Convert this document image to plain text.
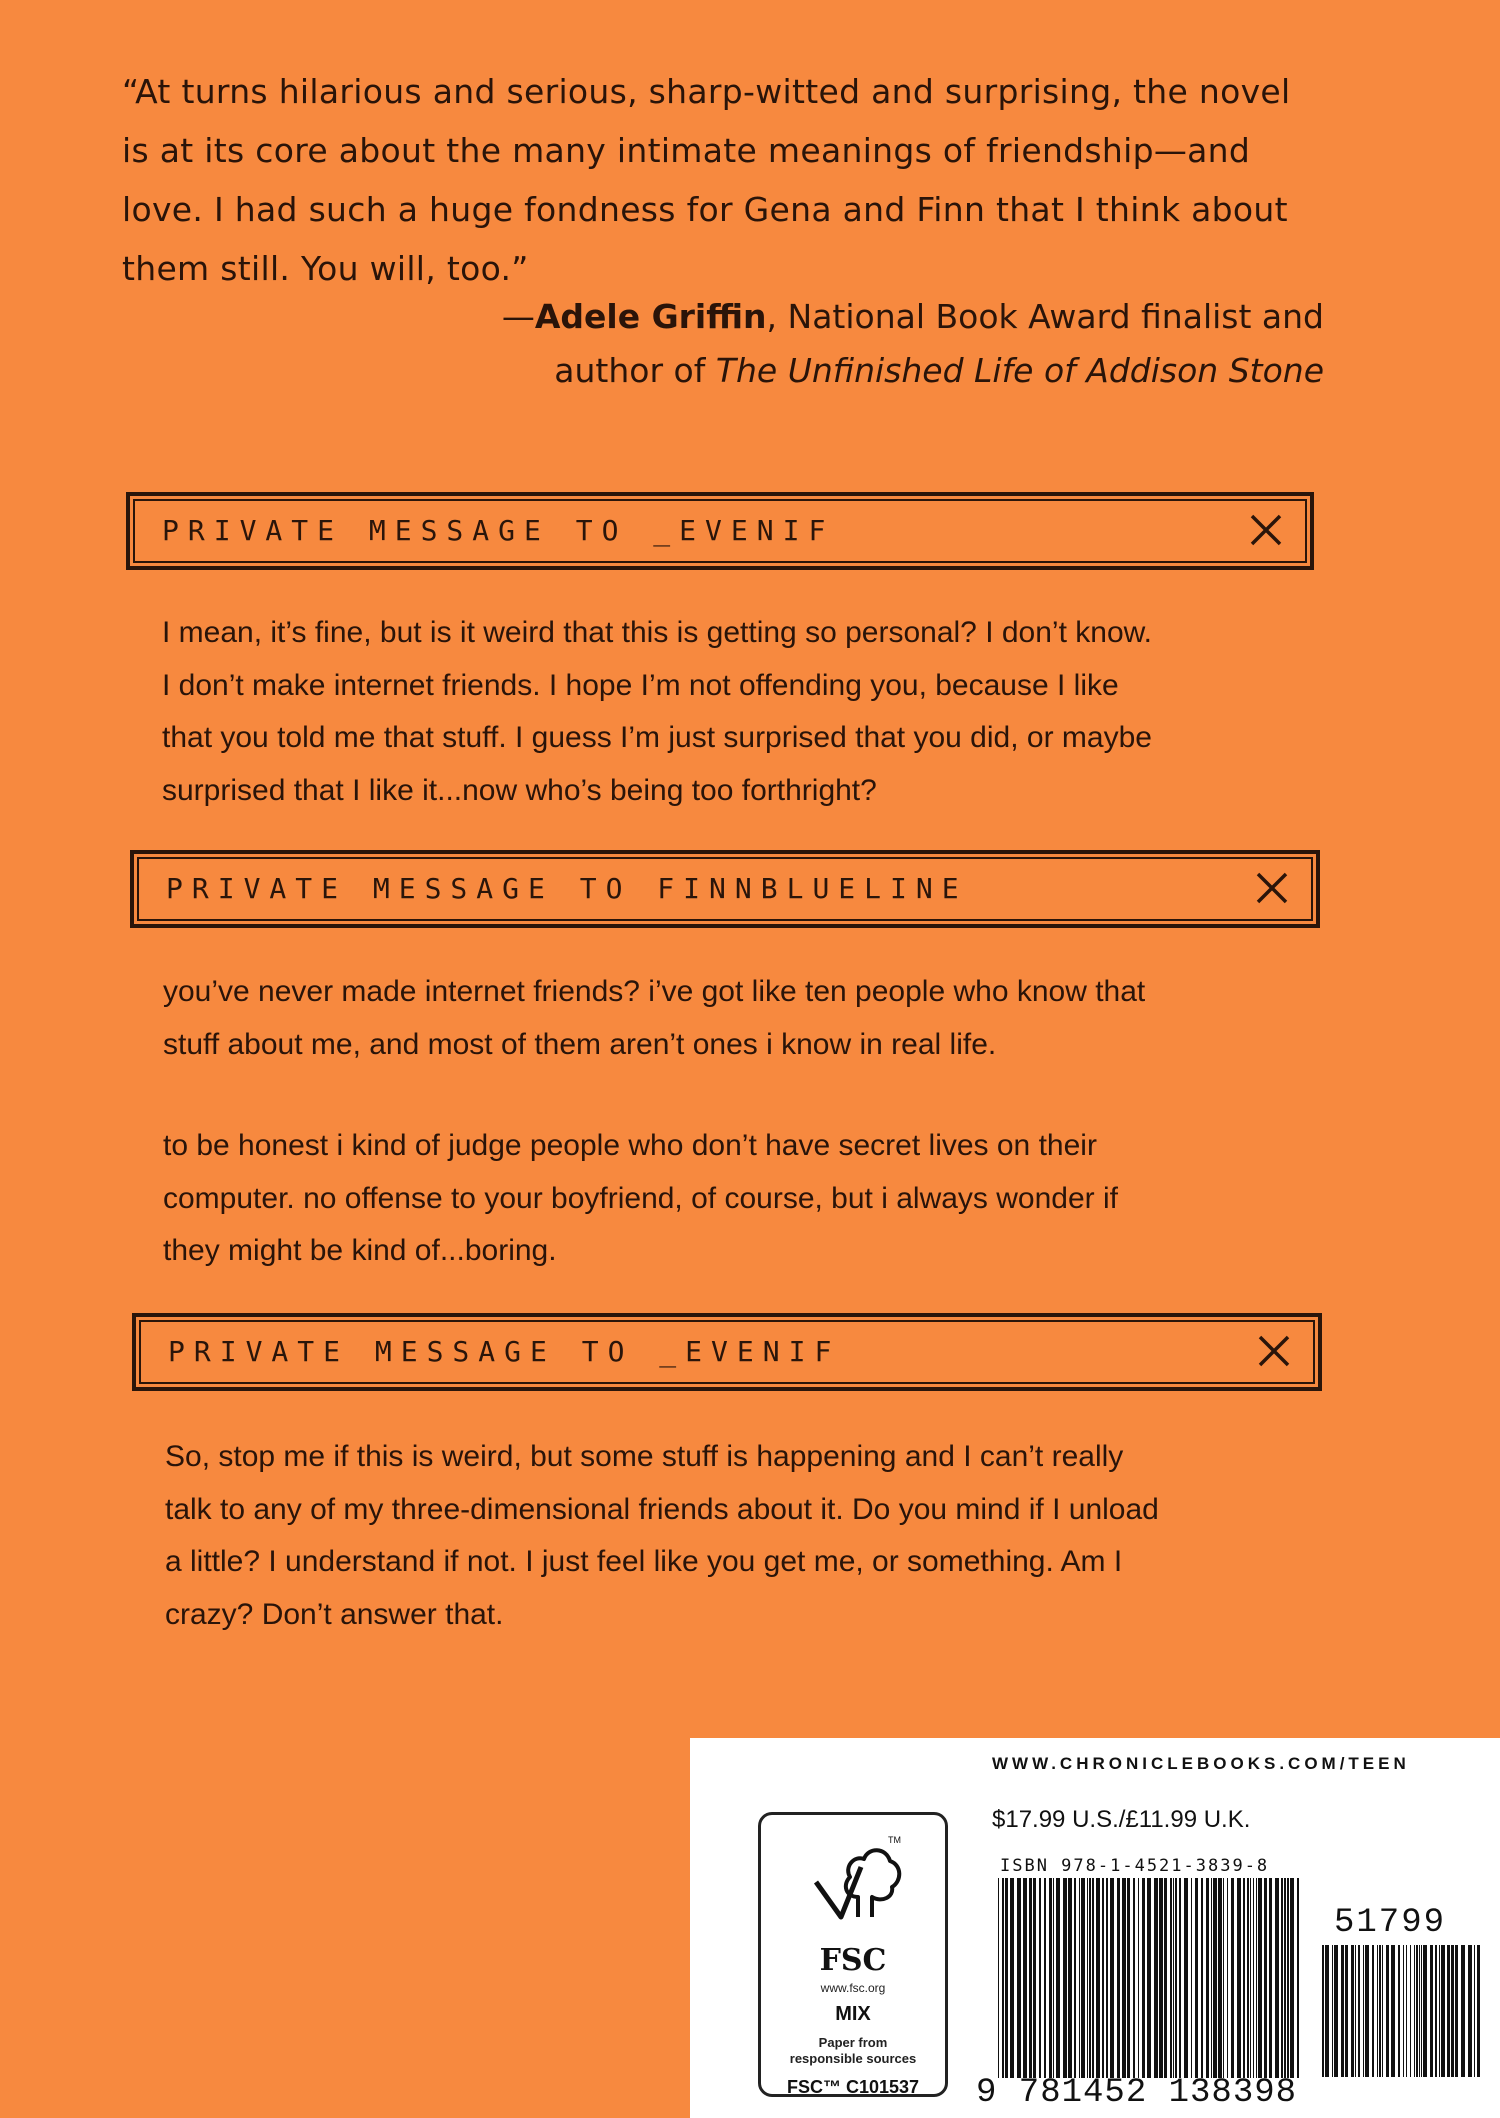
“At turns hilarious and serious, sharp-witted and surprising, the novel

is at its core about the many intimate meanings of friendship—and

love. I had such a huge fondness for Gena and Finn that I think about

them still. You will, too.”

—Adele Griffin, National Book Award finalist and
author of The Unfinished Life of Addison Stone
PRIVATE MESSAGE TO _EVENIF

I mean, it’s fine, but is it weird that this is getting so personal? I don’t know.

I don’t make internet friends. I hope I’m not offending you, because I like

that you told me that stuff. I guess I’m just surprised that you did, or maybe

surprised that I like it...now who’s being too forthright?

PRIVATE MESSAGE TO FINNBLUELINE

you’ve never made internet friends? i’ve got like ten people who know that

stuff about me, and most of them aren’t ones i know in real life.

to be honest i kind of judge people who don’t have secret lives on their

computer. no offense to your boyfriend, of course, but i always wonder if

they might be kind of...boring.

PRIVATE MESSAGE TO _EVENIF

So, stop me if this is weird, but some stuff is happening and I can’t really

talk to any of my three-dimensional friends about it. Do you mind if I unload

a little? I understand if not. I just feel like you get me, or something. Am I

crazy? Don’t answer that.

WWW.CHRONICLEBOOKS.COM/TEEN
$17.99 U.S./£11.99 U.K.
ISBN 978-1-4521-3839-8
TM
FSC
www.fsc.org
MIX
Paper from
responsible sources
FSC™ C101537	9 781452 138398
51799
